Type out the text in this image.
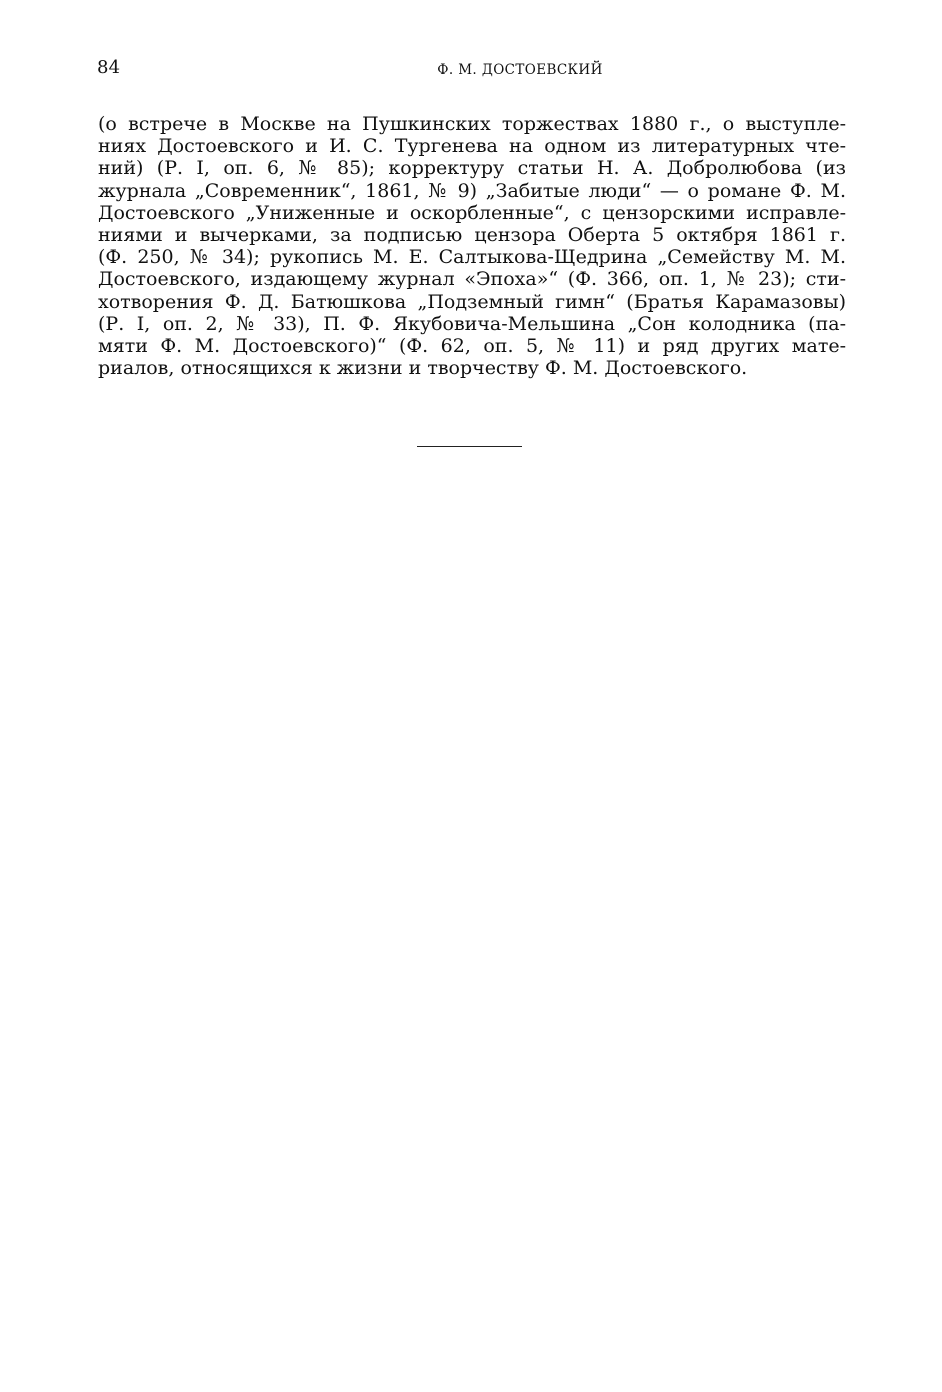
84	Ф. М. ДОСТОЕВСКИЙ
(о встрече в Москве на Пушкинских торжествах 1880 г., о выступле-
ниях Достоевского и И. С. Тургенева на одном из литературных чте-
ний) (Р. I, оп. 6, № 85); корректуру статьи Н. А. Добролюбова (из
журнала „Современник“, 1861, № 9) „Забитые люди“ — о романе Ф. М.
Достоевского „Униженные и оскорбленные“, с цензорскими исправле-
ниями и вычерками, за подписью цензора Оберта 5 октября 1861 г.
(Ф. 250, № 34); рукопись М. Е. Салтыкова-Щедрина „Семейству М. М.
Достоевского, издающему журнал «Эпоха»“ (Ф. 366, оп. 1, № 23); сти-
хотворения Ф. Д. Батюшкова „Подземный гимн“ (Братья Карамазовы)
(Р. I, оп. 2, № 33), П. Ф. Якубовича-Мельшина „Сон колодника (па-
мяти Ф. М. Достоевского)“ (Ф. 62, оп. 5, № 11) и ряд других мате-
риалов, относящихся к жизни и творчеству Ф. М. Достоевского.
